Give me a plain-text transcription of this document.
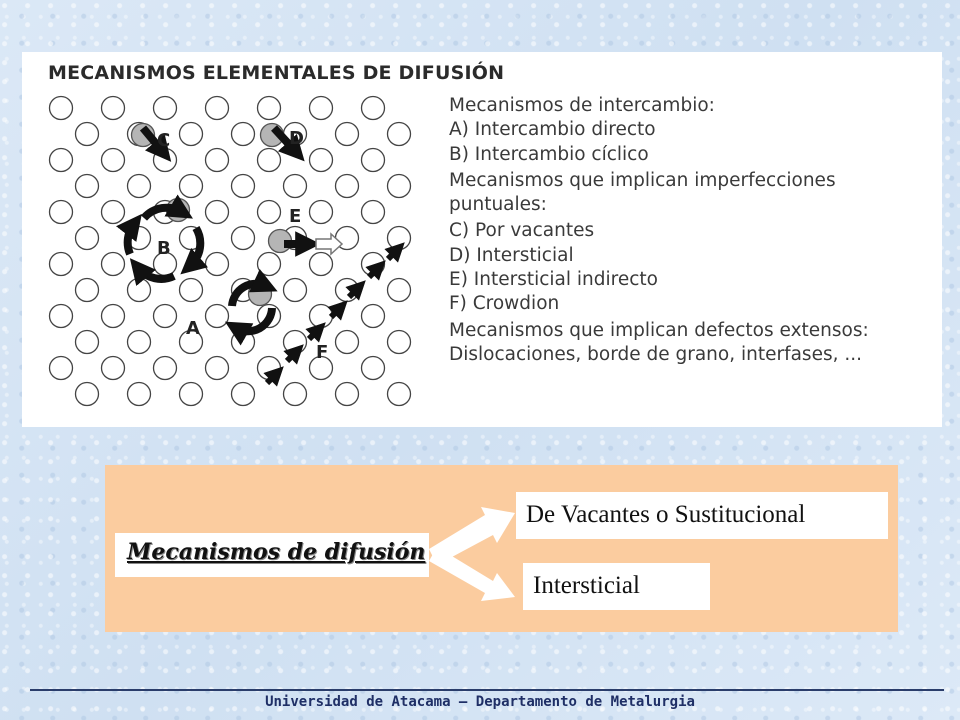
MECANISMOS ELEMENTALES DE DIFUSIÓN
C	D
E
B
A
F
Mecanismos de intercambio:
A) Intercambio directo
B) Intercambio cíclico
Mecanismos que implican imperfecciones
puntuales:
C) Por vacantes
D) Intersticial
E) Intersticial indirecto
F) Crowdion
Mecanismos que implican defectos extensos:
Dislocaciones, borde de grano, interfases, ...
Mecanismos de difusión
De Vacantes o Sustitucional
Intersticial
Universidad de Atacama – Departamento de Metalurgia
